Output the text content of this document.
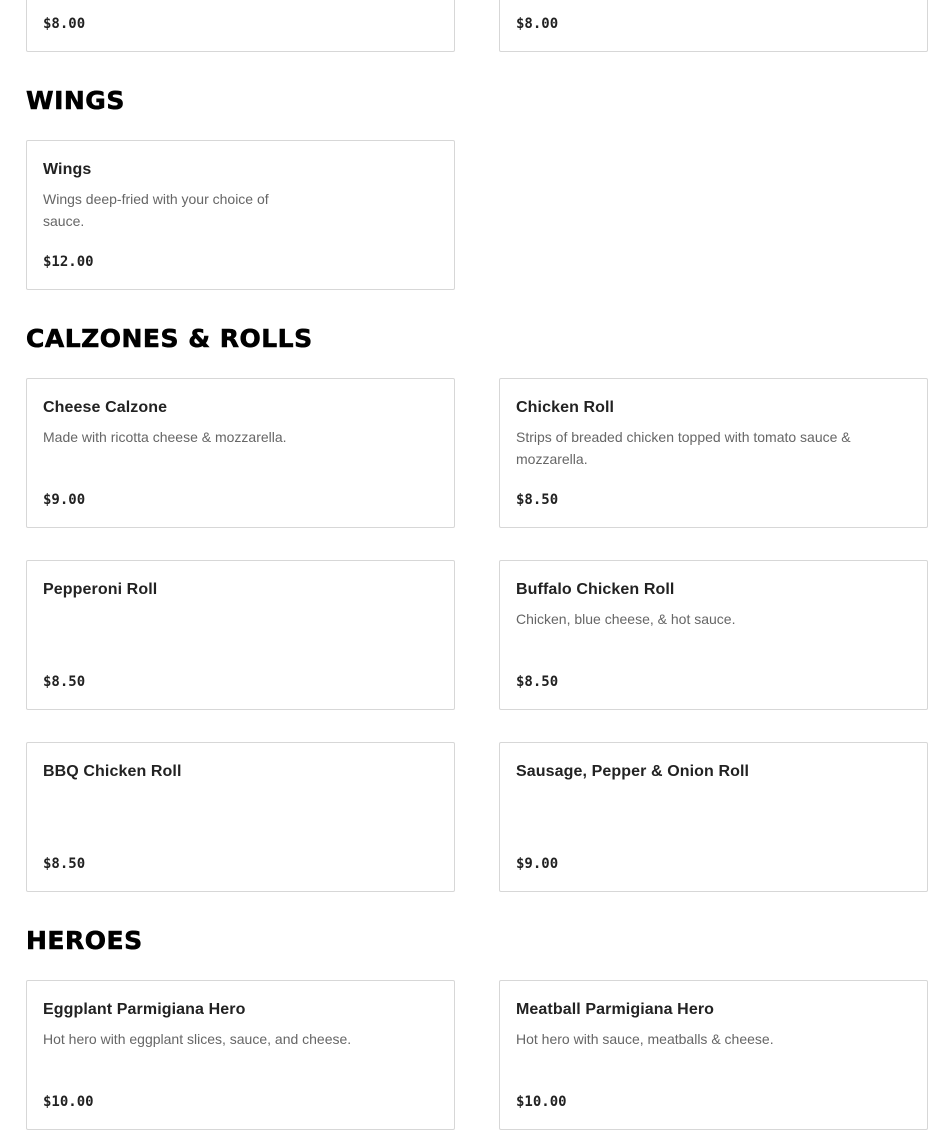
$8.00	$8.00
WINGS
Wings
Wings deep-fried with your choice of sauce.
$12.00
CALZONES & ROLLS
Cheese Calzone
Made with ricotta cheese & mozzarella.
$9.00
Chicken Roll
Strips of breaded chicken topped with tomato sauce & mozzarella.
$8.50
Pepperoni Roll
$8.50
Buffalo Chicken Roll
Chicken, blue cheese, & hot sauce.
$8.50
BBQ Chicken Roll
$8.50
Sausage, Pepper & Onion Roll
$9.00
HEROES
Eggplant Parmigiana Hero
Hot hero with eggplant slices, sauce, and cheese.
$10.00
Meatball Parmigiana Hero
Hot hero with sauce, meatballs & cheese.
$10.00
